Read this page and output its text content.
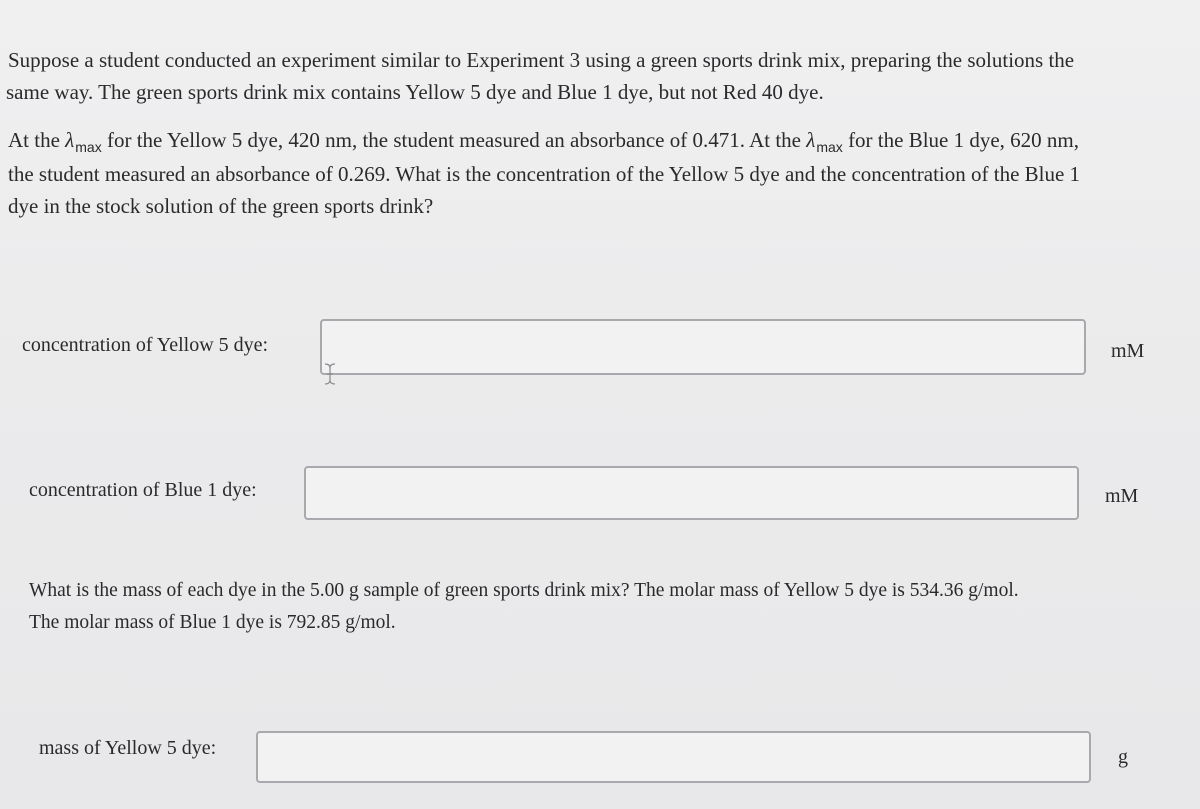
Suppose a student conducted an experiment similar to Experiment 3 using a green sports drink mix, preparing the solutions the
same way. The green sports drink mix contains Yellow 5 dye and Blue 1 dye, but not Red 40 dye.

At the $\lambda_{max}$ for the Yellow 5 dye, 420 nm, the student measured an absorbance of 0.471. At the $\lambda_{max}$ for the Blue 1 dye, 620 nm,
the student measured an absorbance of 0.269. What is the concentration of the Yellow 5 dye and the concentration of the Blue 1
dye in the stock solution of the green sports drink?

concentration of Yellow 5 dye:	mM
concentration of Blue 1 dye:	mM
What is the mass of each dye in the 5.00 g sample of green sports drink mix? The molar mass of Yellow 5 dye is 534.36 g/mol.
The molar mass of Blue 1 dye is 792.85 g/mol.
mass of Yellow 5 dye:	g
